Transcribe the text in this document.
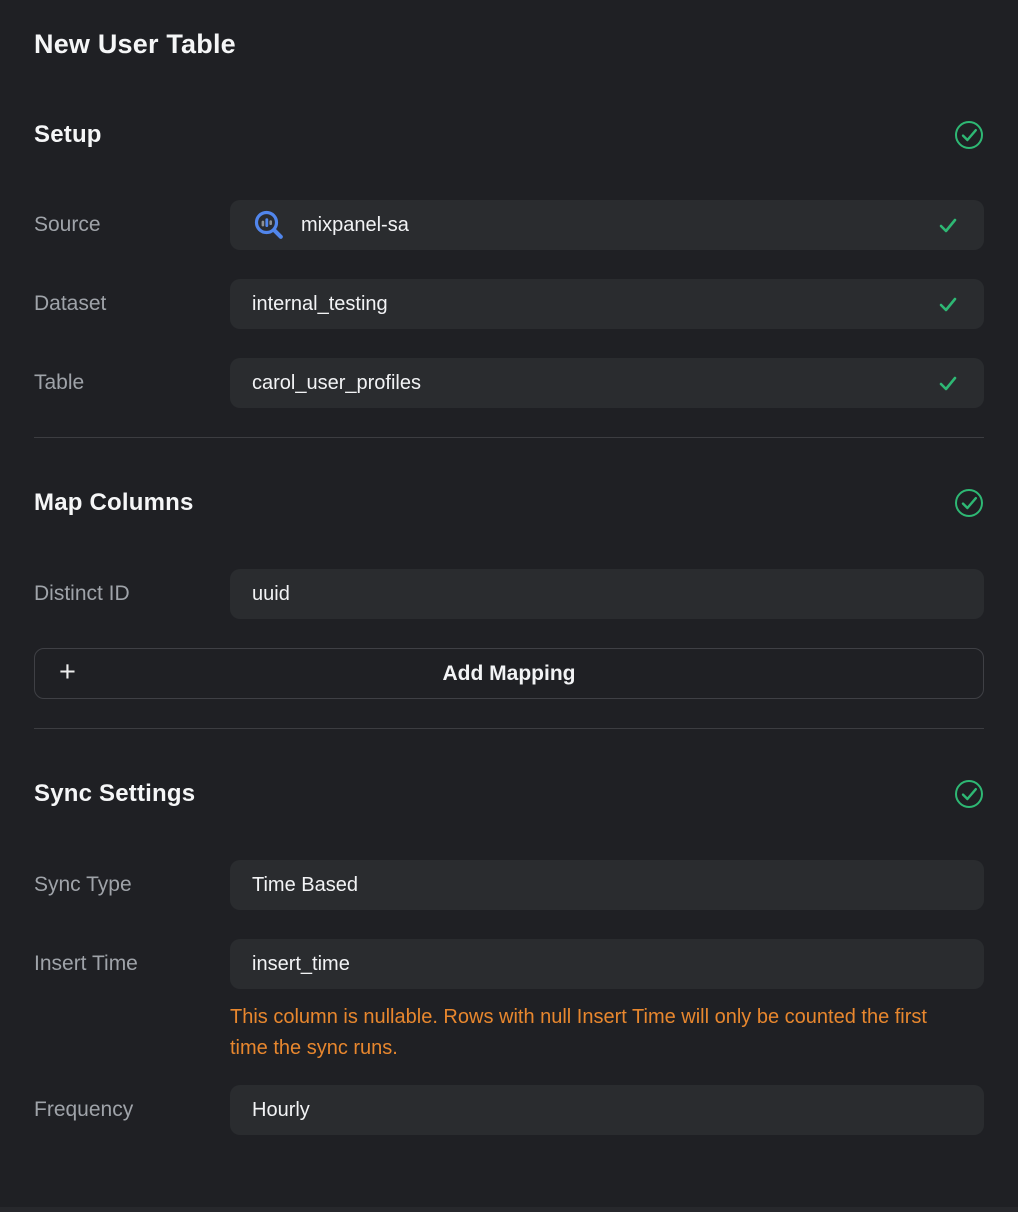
New User Table
Setup
Source	mixpanel-sa
Dataset	internal_testing
Table	carol_user_profiles
Map Columns
Distinct ID	uuid
+	Add Mapping
Sync Settings
Sync Type	Time Based
Insert Time	insert_time

This column is nullable. Rows with null Insert Time will only be counted the first time the sync runs.

Frequency	Hourly
